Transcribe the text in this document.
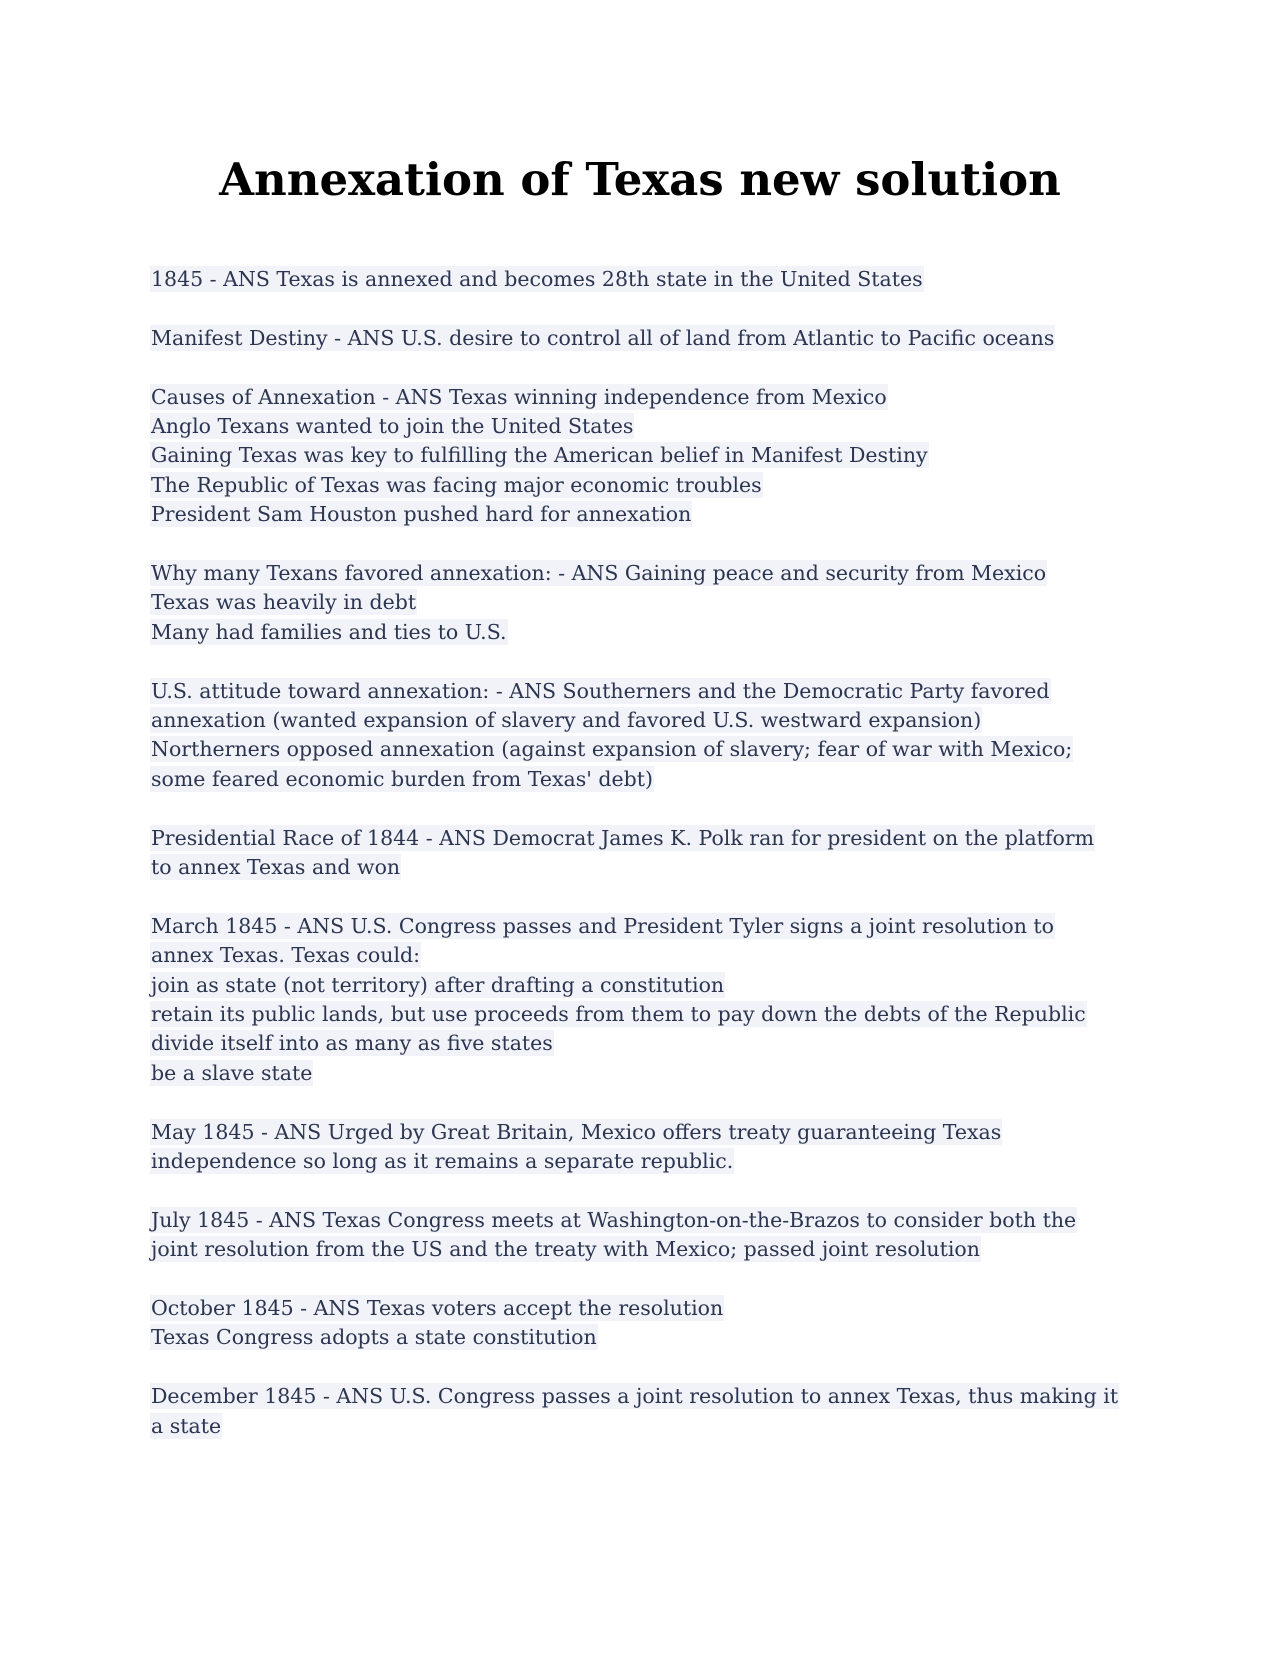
Annexation of Texas new solution
1845 - ANS Texas is annexed and becomes 28th state in the United States
Manifest Destiny - ANS U.S. desire to control all of land from Atlantic to Pacific oceans
Causes of Annexation - ANS Texas winning independence from Mexico
Anglo Texans wanted to join the United States
Gaining Texas was key to fulfilling the American belief in Manifest Destiny
The Republic of Texas was facing major economic troubles
President Sam Houston pushed hard for annexation
Why many Texans favored annexation: - ANS Gaining peace and security from Mexico
Texas was heavily in debt
Many had families and ties to U.S.
U.S. attitude toward annexation: - ANS Southerners and the Democratic Party favored
annexation (wanted expansion of slavery and favored U.S. westward expansion)
Northerners opposed annexation (against expansion of slavery; fear of war with Mexico;
some feared economic burden from Texas' debt)
Presidential Race of 1844 - ANS Democrat James K. Polk ran for president on the platform
to annex Texas and won
March 1845 - ANS U.S. Congress passes and President Tyler signs a joint resolution to
annex Texas. Texas could:
join as state (not territory) after drafting a constitution
retain its public lands, but use proceeds from them to pay down the debts of the Republic
divide itself into as many as five states
be a slave state
May 1845 - ANS Urged by Great Britain, Mexico offers treaty guaranteeing Texas
independence so long as it remains a separate republic.
July 1845 - ANS Texas Congress meets at Washington-on-the-Brazos to consider both the
joint resolution from the US and the treaty with Mexico; passed joint resolution
October 1845 - ANS Texas voters accept the resolution
Texas Congress adopts a state constitution
December 1845 - ANS U.S. Congress passes a joint resolution to annex Texas, thus making it
a state
